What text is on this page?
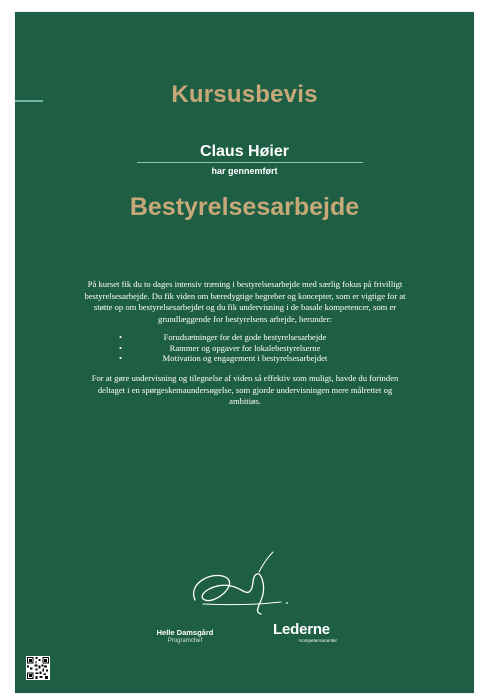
Kursusbevis
Claus Høier
har gennemført
Bestyrelsesarbejde

På kurset fik du to dages intensiv træning i bestyrelsesarbejde med særlig fokus på frivilligt bestyrelsesarbejde. Du fik viden om bæredygtige begreber og koncepter, som er vigtige for at støtte op om bestyrelsesarbejdet og du fik undervisning i de basale kompetencer, som er grundlæggende for bestyrelsens arbejde, herunder:

•	Forudsætninger for det gode bestyrelsesarbejde
•	Rammer og opgaver for lokalebestyrelserne
•	Motivation og engagement i bestyrelsesarbejdet

For at gøre undervisning og tilegnelse af viden så effektiv som muligt, havde du forinden deltaget i en spørgeskemaundersøgelse, som gjorde undervisningen mere målrettet og ambitiøs.

Helle Damsgård
Programchef
Lederne
Kompetencecenter
